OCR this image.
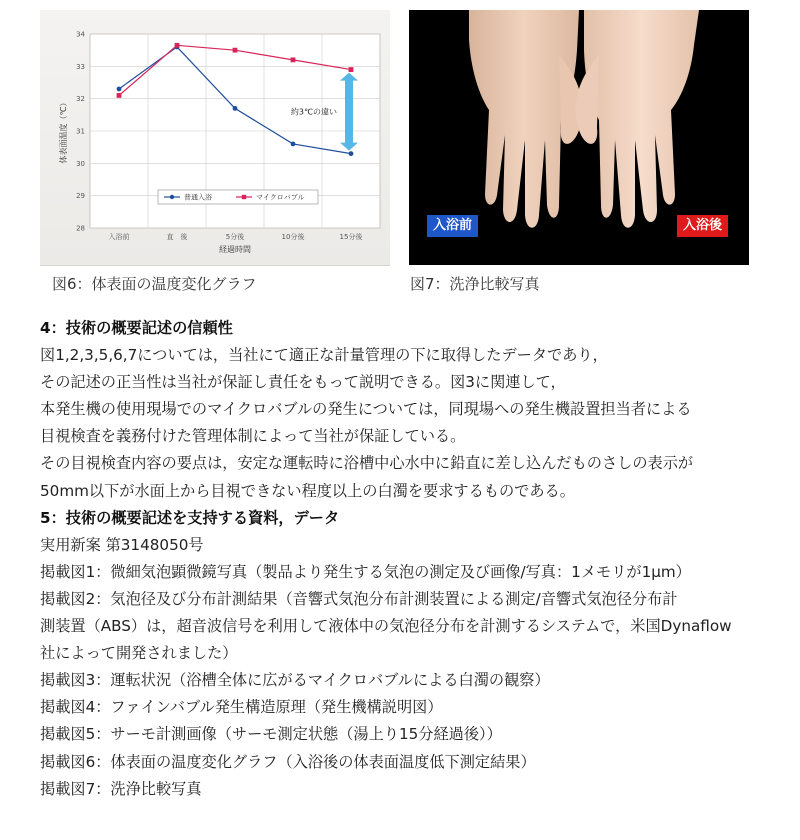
28
29
30
31
32
33
34
入浴前	直　後	5分後	10分後	15分後
体表面温度（℃）
経過時間
約3℃の違い
普通入浴	マイクロバブル
入浴前	入浴後
図6：体表面の温度変化グラフ	図7：洗浄比較写真

4：技術の概要記述の信頼性

図1,2,3,5,6,7については，当社にて適正な計量管理の下に取得したデータであり，

その記述の正当性は当社が保証し責任をもって説明できる。図3に関連して，

本発生機の使用現場でのマイクロバブルの発生については，同現場への発生機設置担当者による

目視検査を義務付けた管理体制によって当社が保証している。

その目視検査内容の要点は，安定な運転時に浴槽中心水中に鉛直に差し込んだものさしの表示が

50mm以下が水面上から目視できない程度以上の白濁を要求するものである。

5：技術の概要記述を支持する資料，データ

実用新案 第3148050号

掲載図1：微細気泡顕微鏡写真（製品より発生する気泡の測定及び画像/写真：1メモリが1μm）

掲載図2：気泡径及び分布計測結果（音響式気泡分布計測装置による測定/音響式気泡径分布計

測装置（ABS）は，超音波信号を利用して液体中の気泡径分布を計測するシステムで，米国Dynaflow

社によって開発されました）

掲載図3：運転状況（浴槽全体に広がるマイクロバブルによる白濁の観察）

掲載図4：ファインバブル発生構造原理（発生機構説明図）

掲載図5：サーモ計測画像（サーモ測定状態（湯上り15分経過後））

掲載図6：体表面の温度変化グラフ（入浴後の体表面温度低下測定結果）

掲載図7：洗浄比較写真
